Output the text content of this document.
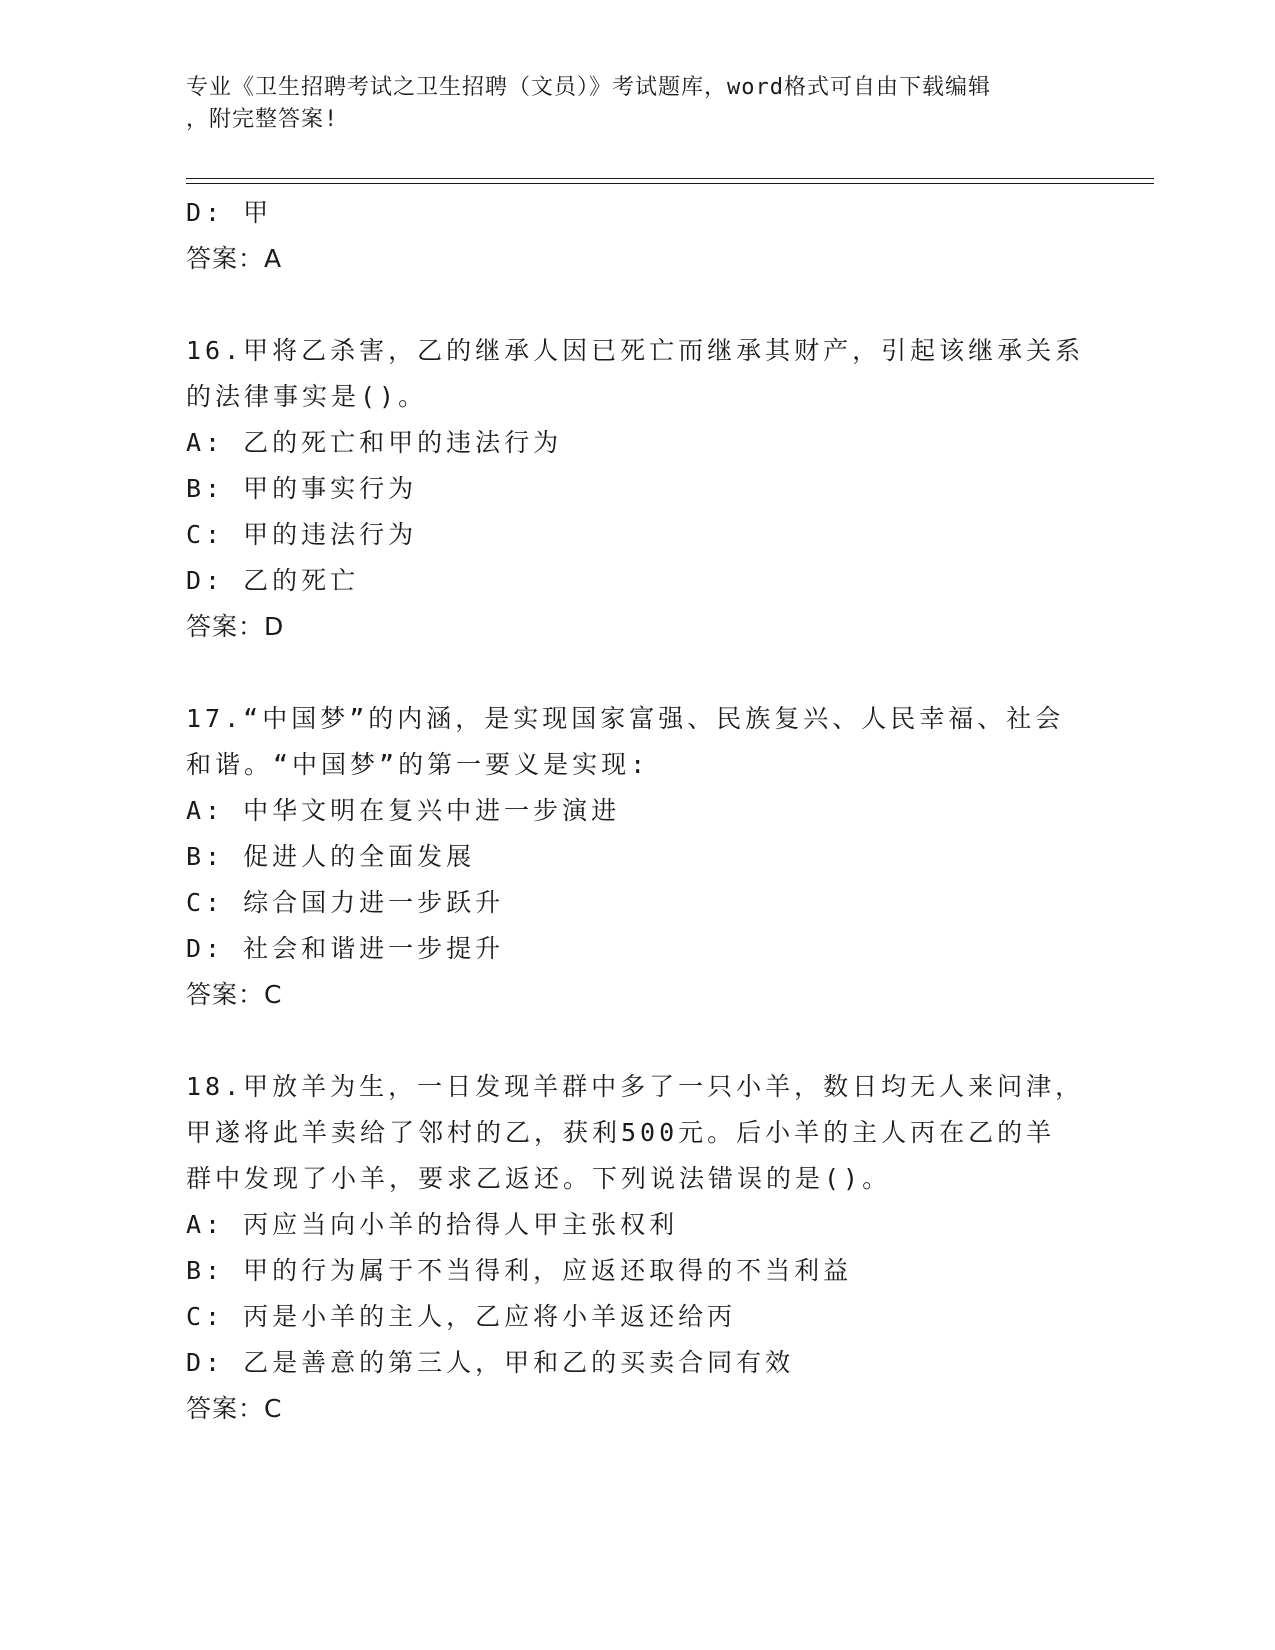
专业《卫生招聘考试之卫生招聘（文员）》考试题库，word格式可自由下载编辑
，附完整答案!
D: 甲
答案：A
16.甲将乙杀害，乙的继承人因已死亡而继承其财产，引起该继承关系
的法律事实是()。
A: 乙的死亡和甲的违法行为
B: 甲的事实行为
C: 甲的违法行为
D: 乙的死亡
答案：D
17.“中国梦”的内涵，是实现国家富强、民族复兴、人民幸福、社会
和谐。“中国梦”的第一要义是实现:
A: 中华文明在复兴中进一步演进
B: 促进人的全面发展
C: 综合国力进一步跃升
D: 社会和谐进一步提升
答案：C
18.甲放羊为生，一日发现羊群中多了一只小羊，数日均无人来问津，
甲遂将此羊卖给了邻村的乙，获利500元。后小羊的主人丙在乙的羊
群中发现了小羊，要求乙返还。下列说法错误的是()。
A: 丙应当向小羊的拾得人甲主张权利
B: 甲的行为属于不当得利，应返还取得的不当利益
C: 丙是小羊的主人，乙应将小羊返还给丙
D: 乙是善意的第三人，甲和乙的买卖合同有效
答案：C
